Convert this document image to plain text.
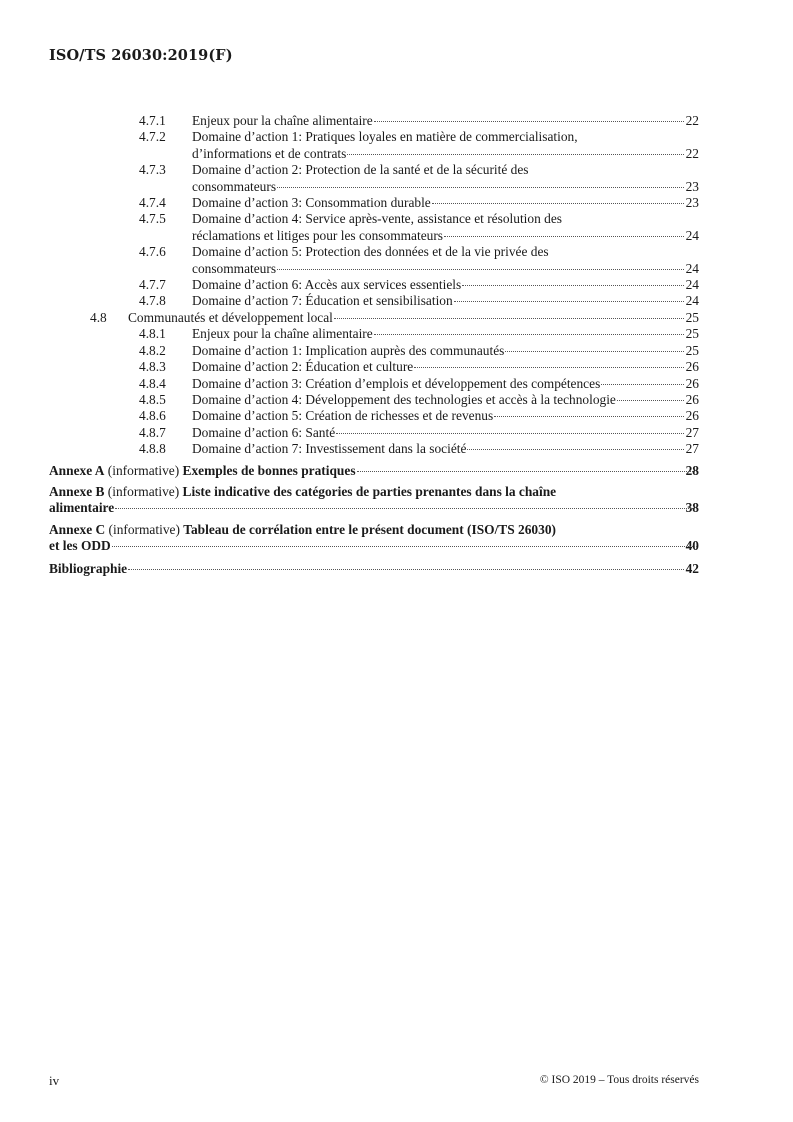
ISO/TS 26030:2019(F)
4.7.1 Enjeux pour la chaîne alimentaire	22
4.7.2 Domaine d’action 1: Pratiques loyales en matière de commercialisation,
d’informations et de contrats	22
4.7.3 Domaine d’action 2: Protection de la santé et de la sécurité des
consommateurs	23
4.7.4 Domaine d’action 3: Consommation durable	23
4.7.5 Domaine d’action 4: Service après-vente, assistance et résolution des
réclamations et litiges pour les consommateurs	24
4.7.6 Domaine d’action 5: Protection des données et de la vie privée des
consommateurs	24
4.7.7 Domaine d’action 6: Accès aux services essentiels	24
4.7.8 Domaine d’action 7: Éducation et sensibilisation	24
4.8 Communautés et développement local	25
4.8.1 Enjeux pour la chaîne alimentaire	25
4.8.2 Domaine d’action 1: Implication auprès des communautés	25
4.8.3 Domaine d’action 2: Éducation et culture	26
4.8.4 Domaine d’action 3: Création d’emplois et développement des compétences	26
4.8.5 Domaine d’action 4: Développement des technologies et accès à la technologie	26
4.8.6 Domaine d’action 5: Création de richesses et de revenus	26
4.8.7 Domaine d’action 6: Santé	27
4.8.8 Domaine d’action 7: Investissement dans la société	27
Annexe A (informative) Exemples de bonnes pratiques	28
Annexe B (informative) Liste indicative des catégories de parties prenantes dans la chaîne
alimentaire	38
Annexe C (informative) Tableau de corrélation entre le présent document (ISO/TS 26030)
et les ODD	40
Bibliographie	42
iv	© ISO 2019 – Tous droits réservés
